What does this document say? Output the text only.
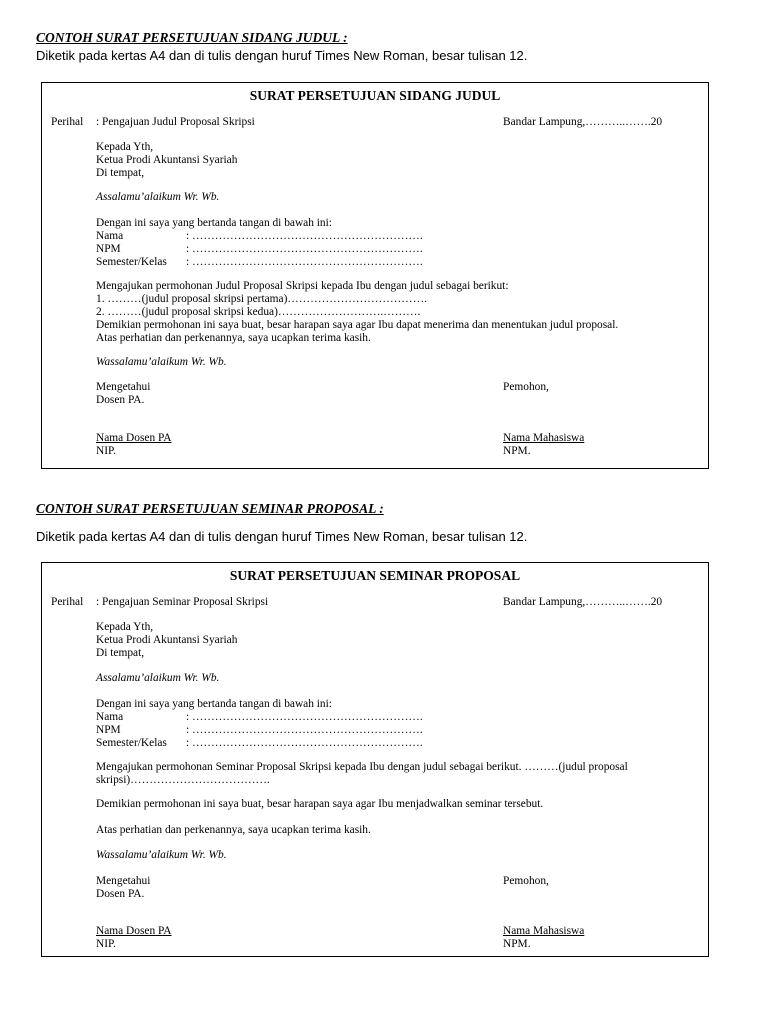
CONTOH SURAT PERSETUJUAN SIDANG JUDUL :
Diketik pada kertas A4 dan di tulis dengan huruf Times New Roman, besar tulisan 12.
SURAT PERSETUJUAN SIDANG JUDUL
Perihal : Pengajuan Judul Proposal Skripsi	Bandar Lampung,………..…….20
Kepada Yth,
Ketua Prodi Akuntansi Syariah
Di tempat,
Assalamu’alaikum Wr. Wb.
Dengan ini saya yang bertanda tangan di bawah ini:
Nama	: …………………………………………………….
NPM	: …………………………………………………….
Semester/Kelas : …………………………………………………….
Mengajukan permohonan Judul Proposal Skripsi kepada Ibu dengan judul sebagai berikut:
1. ………(judul proposal skripsi pertama)……………………………….
2. ………(judul proposal skripsi kedua)……………………….……….
Demikian permohonan ini saya buat, besar harapan saya agar Ibu dapat menerima dan menentukan judul proposal.
Atas perhatian dan perkenannya, saya ucapkan terima kasih.
Wassalamu’alaikum Wr. Wb.
Mengetahui
Dosen PA.
Pemohon,
Nama Dosen PA
NIP.
Nama Mahasiswa
NPM.
CONTOH SURAT PERSETUJUAN SEMINAR PROPOSAL :
Diketik pada kertas A4 dan di tulis dengan huruf Times New Roman, besar tulisan 12.
SURAT PERSETUJUAN SEMINAR PROPOSAL
Perihal : Pengajuan Seminar Proposal Skripsi	Bandar Lampung,………..…….20
Kepada Yth,
Ketua Prodi Akuntansi Syariah
Di tempat,
Assalamu’alaikum Wr. Wb.
Dengan ini saya yang bertanda tangan di bawah ini:
Nama	: …………………………………………………….
NPM	: …………………………………………………….
Semester/Kelas : …………………………………………………….
Mengajukan permohonan Seminar Proposal Skripsi kepada Ibu dengan judul sebagai berikut. ………(judul proposal skripsi)……………………………….
Demikian permohonan ini saya buat, besar harapan saya agar Ibu menjadwalkan seminar tersebut.
Atas perhatian dan perkenannya, saya ucapkan terima kasih.
Wassalamu’alaikum Wr. Wb.
Mengetahui
Dosen PA.
Pemohon,
Nama Dosen PA
NIP.
Nama Mahasiswa
NPM.
